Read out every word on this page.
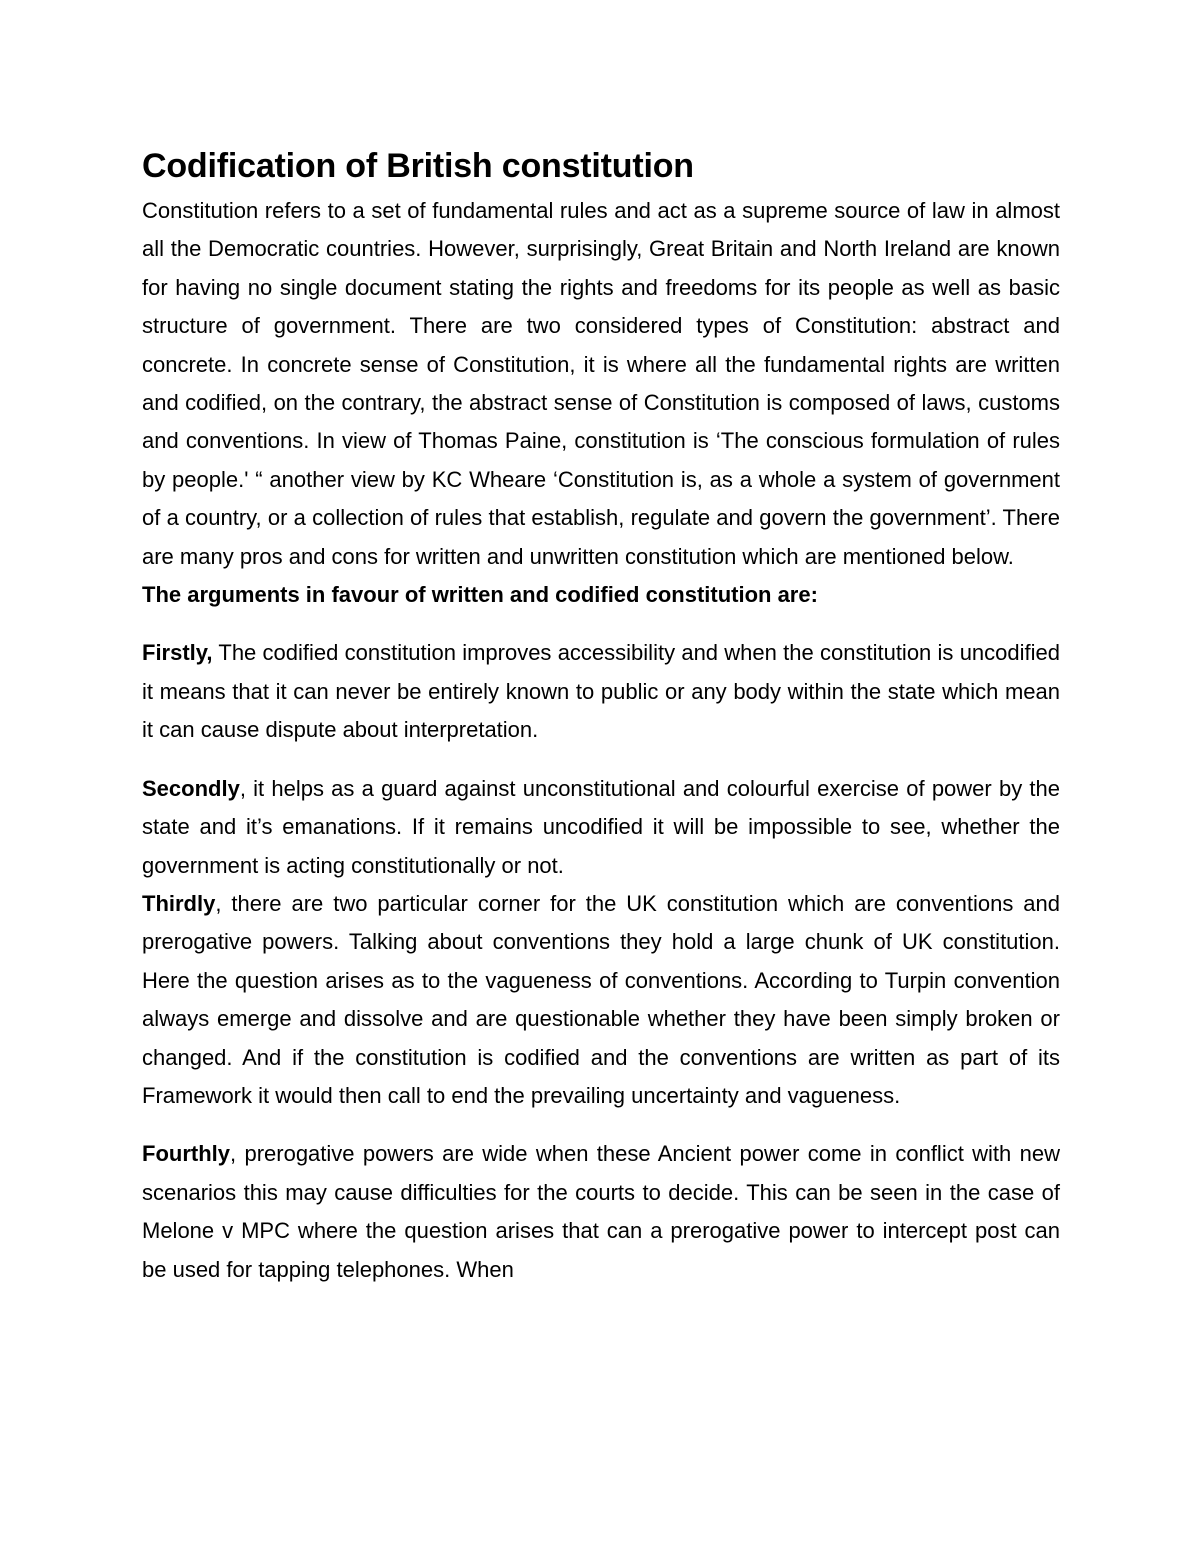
Codification of British constitution

Constitution refers to a set of fundamental rules and act as a supreme source of law in almost all the Democratic countries. However, surprisingly, Great Britain and North Ireland are known for having no single document stating the rights and freedoms for its people as well as basic structure of government. There are two considered types of Constitution: abstract and concrete. In concrete sense of Constitution, it is where all the fundamental rights are written and codified, on the contrary, the abstract sense of Constitution is composed of laws, customs and conventions. In view of Thomas Paine, constitution is ‘The conscious formulation of rules by people.' “ another view by KC Wheare ‘Constitution is, as a whole a system of government of a country, or a collection of rules that establish, regulate and govern the government’. There are many pros and cons for written and unwritten constitution which are mentioned below.

The arguments in favour of written and codified constitution are:

Firstly, The codified constitution improves accessibility and when the constitution is uncodified it means that it can never be entirely known to public or any body within the state which mean it can cause dispute about interpretation.

Secondly, it helps as a guard against unconstitutional and colourful exercise of power by the state and it’s emanations. If it remains uncodified it will be impossible to see, whether the government is acting constitutionally or not.

Thirdly, there are two particular corner for the UK constitution which are conventions and prerogative powers. Talking about conventions they hold a large chunk of UK constitution. Here the question arises as to the vagueness of conventions. According to Turpin convention always emerge and dissolve and are questionable whether they have been simply broken or changed. And if the constitution is codified and the conventions are written as part of its Framework it would then call to end the prevailing uncertainty and vagueness.

Fourthly, prerogative powers are wide when these Ancient power come in conflict with new scenarios this may cause difficulties for the courts to decide. This can be seen in the case of Melone v MPC where the question arises that can a prerogative power to intercept post can be used for tapping telephones. When
